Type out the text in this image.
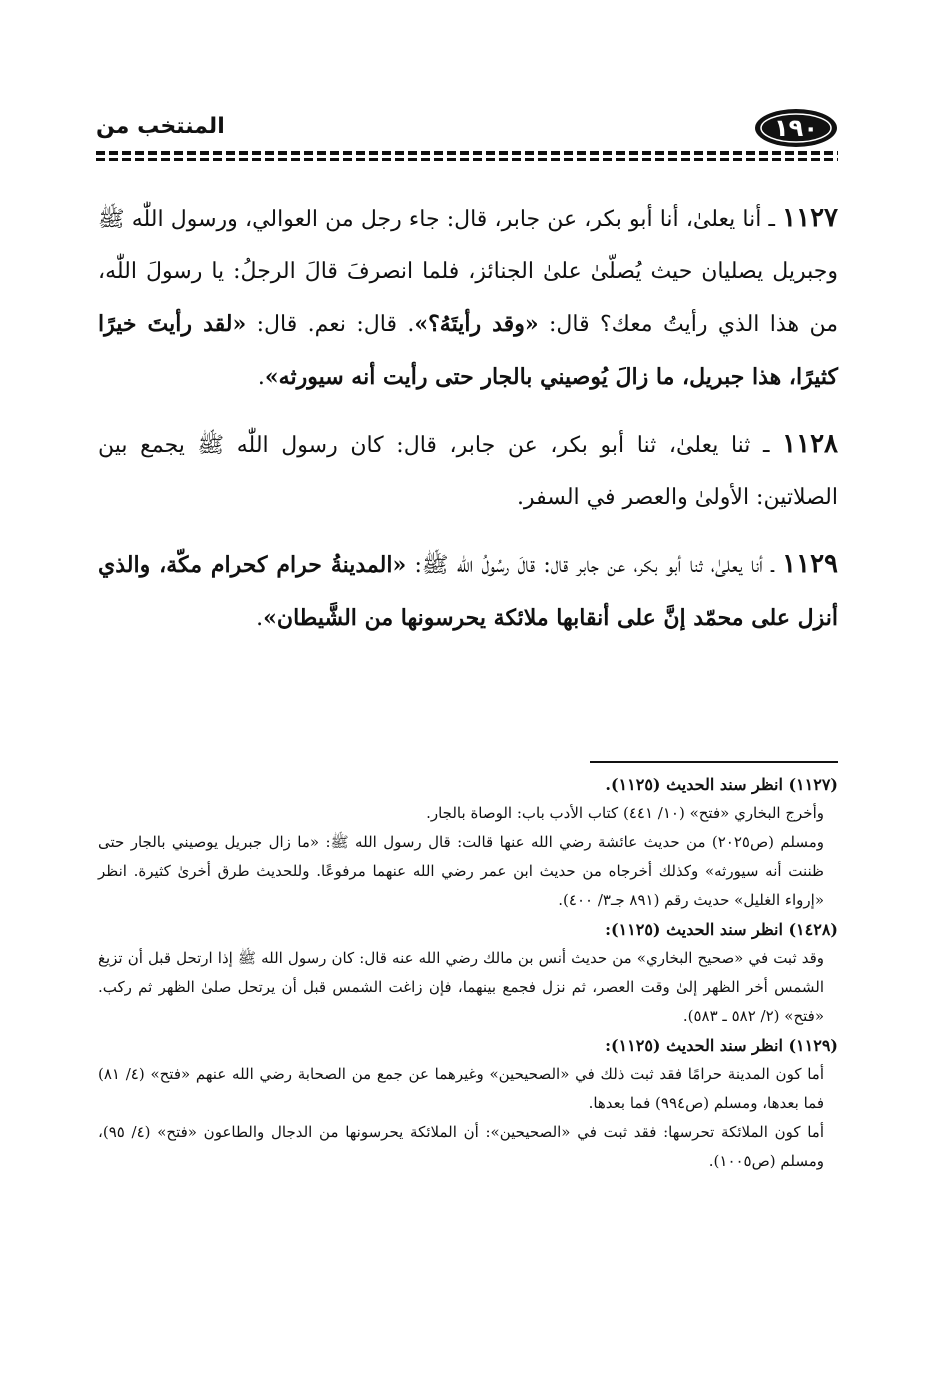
١٩٠
المنتخب من

١١٢٧ ـ أنا يعلىٰ، أنا أبو بكر، عن جابر، قال: جاء رجل من العوالي، ورسول اللّٰه ﷺ وجبريل يصليان حيث يُصلّىٰ علىٰ الجنائز، فلما انصرفَ قالَ الرجلُ: يا رسولَ اللّٰه، من هذا الذي رأيتُ معك؟ قال: «وقد رأيتَهُ؟». قال: نعم. قال: «لقد رأيتَ خيرًا كثيرًا، هذا جبريل، ما زالَ يُوصيني بالجار حتى رأيت أنه سيورثه».

١١٢٨ ـ ثنا يعلىٰ، ثنا أبو بكر، عن جابر، قال: كان رسول اللّٰه ﷺ يجمع بين الصلاتين: الأولىٰ والعصر في السفر.

١١٢٩ ـ أنا يعلىٰ، ثنا أبو بكر، عن جابر قال: قالَ رسُولُ اللّٰه ﷺ: «المدينةُ حرام كحرام مكّة، والذي أنزل على محمّد إنَّ على أنقابها ملائكة يحرسونها من الشَّيطان».

(١١٢٧) انظر سند الحديث (١١٢٥).
وأخرج البخاري «فتح» (١٠/ ٤٤١) كتاب الأدب باب: الوصاة بالجار.
ومسلم (ص٢٠٢٥) من حديث عائشة رضي الله عنها قالت: قال رسول الله ﷺ: «ما زال جبريل يوصيني بالجار حتى ظننت أنه سيورثه» وكذلك أخرجاه من حديث ابن عمر رضي الله عنهما مرفوعًا. وللحديث طرق أخرىٰ كثيرة. انظر «إرواء الغليل» حديث رقم (٨٩١ جـ٣/ ٤٠٠).
(١٤٢٨) انظر سند الحديث (١١٢٥):
وقد ثبت في «صحيح البخاري» من حديث أنس بن مالك رضي الله عنه قال: كان رسول الله ﷺ إذا ارتحل قبل أن تزيغ الشمس أخر الظهر إلىٰ وقت العصر، ثم نزل فجمع بينهما، فإن زاغت الشمس قبل أن يرتحل صلىٰ الظهر ثم ركب. «فتح» (٢/ ٥٨٢ ـ ٥٨٣).
(١١٢٩) انظر سند الحديث (١١٢٥):
أما كون المدينة حرامًا فقد ثبت ذلك في «الصحيحين» وغيرهما عن جمع من الصحابة رضي الله عنهم «فتح» (٤/ ٨١) فما بعدها، ومسلم (ص٩٩٤) فما بعدها.
أما كون الملائكة تحرسها: فقد ثبت في «الصحيحين»: أن الملائكة يحرسونها من الدجال والطاعون «فتح» (٤/ ٩٥)، ومسلم (ص١٠٠٥).
